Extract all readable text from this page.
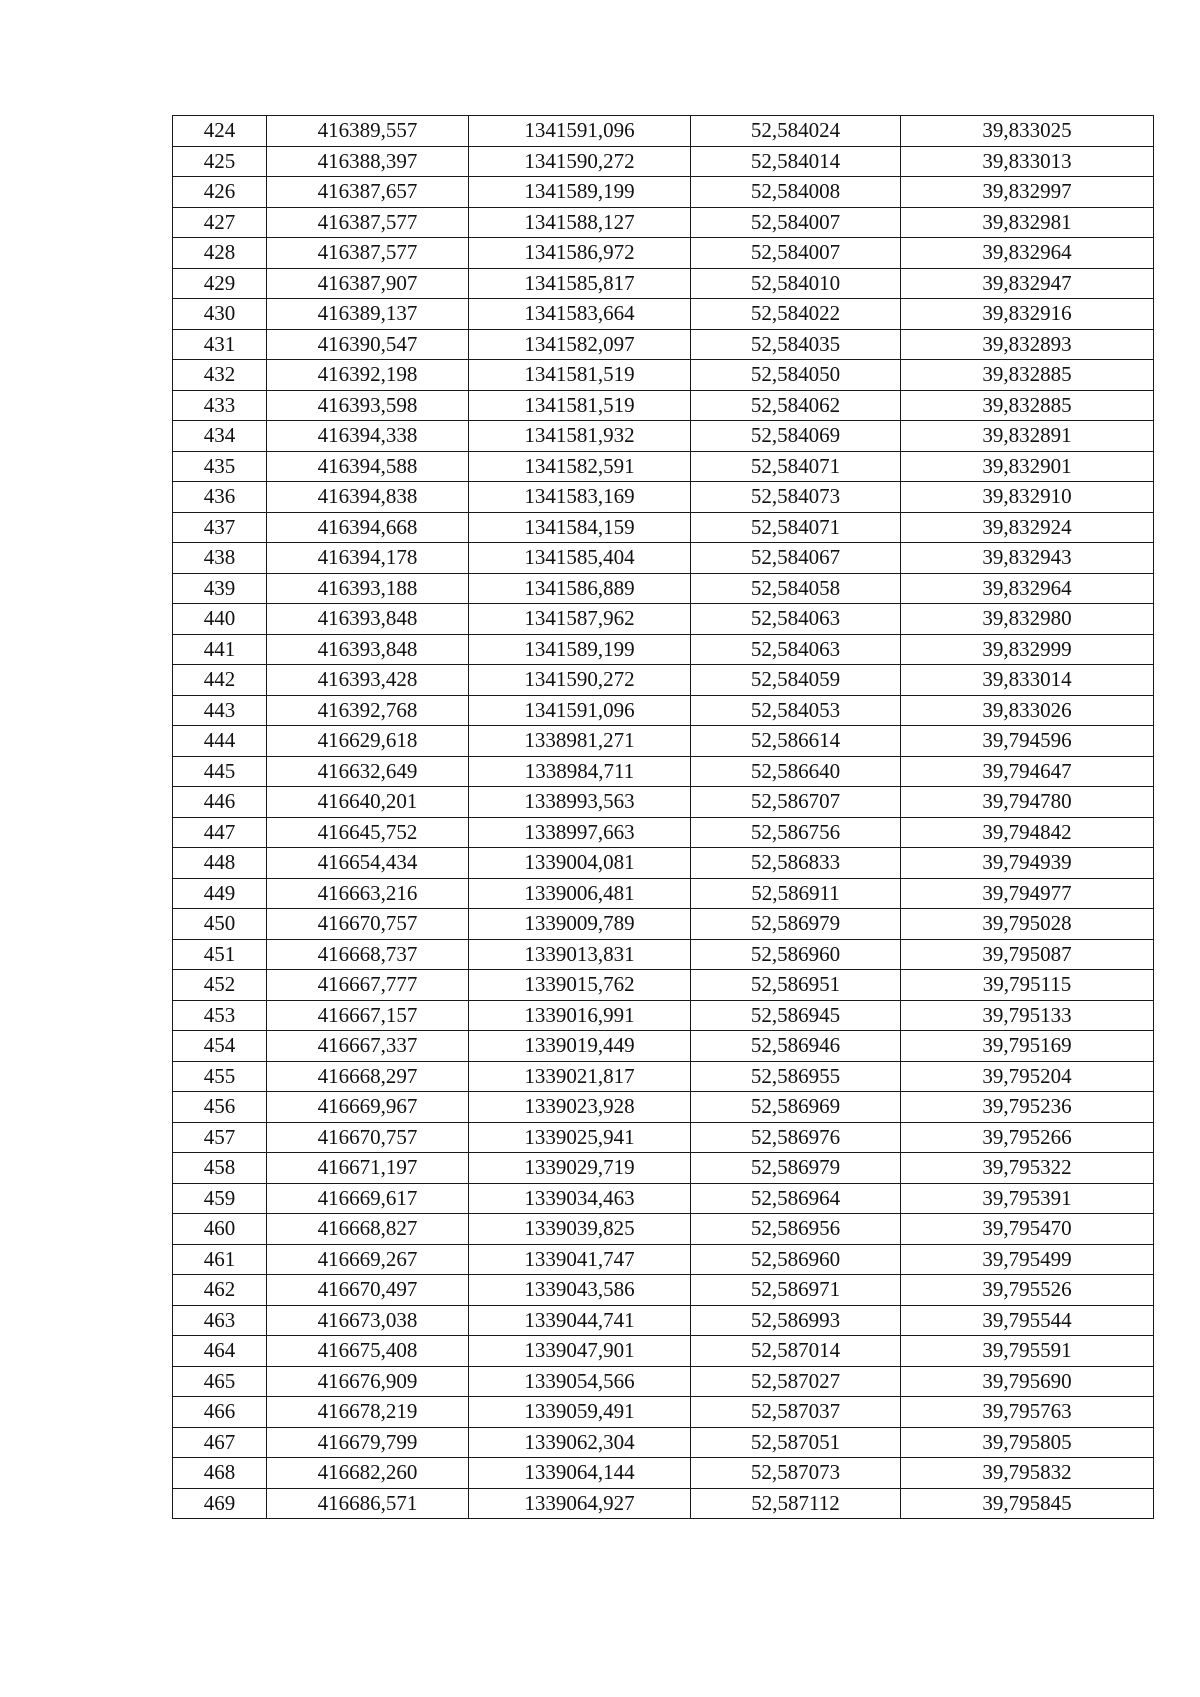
424	416389,557	1341591,096	52,584024	39,833025
425	416388,397	1341590,272	52,584014	39,833013
426	416387,657	1341589,199	52,584008	39,832997
427	416387,577	1341588,127	52,584007	39,832981
428	416387,577	1341586,972	52,584007	39,832964
429	416387,907	1341585,817	52,584010	39,832947
430	416389,137	1341583,664	52,584022	39,832916
431	416390,547	1341582,097	52,584035	39,832893
432	416392,198	1341581,519	52,584050	39,832885
433	416393,598	1341581,519	52,584062	39,832885
434	416394,338	1341581,932	52,584069	39,832891
435	416394,588	1341582,591	52,584071	39,832901
436	416394,838	1341583,169	52,584073	39,832910
437	416394,668	1341584,159	52,584071	39,832924
438	416394,178	1341585,404	52,584067	39,832943
439	416393,188	1341586,889	52,584058	39,832964
440	416393,848	1341587,962	52,584063	39,832980
441	416393,848	1341589,199	52,584063	39,832999
442	416393,428	1341590,272	52,584059	39,833014
443	416392,768	1341591,096	52,584053	39,833026
444	416629,618	1338981,271	52,586614	39,794596
445	416632,649	1338984,711	52,586640	39,794647
446	416640,201	1338993,563	52,586707	39,794780
447	416645,752	1338997,663	52,586756	39,794842
448	416654,434	1339004,081	52,586833	39,794939
449	416663,216	1339006,481	52,586911	39,794977
450	416670,757	1339009,789	52,586979	39,795028
451	416668,737	1339013,831	52,586960	39,795087
452	416667,777	1339015,762	52,586951	39,795115
453	416667,157	1339016,991	52,586945	39,795133
454	416667,337	1339019,449	52,586946	39,795169
455	416668,297	1339021,817	52,586955	39,795204
456	416669,967	1339023,928	52,586969	39,795236
457	416670,757	1339025,941	52,586976	39,795266
458	416671,197	1339029,719	52,586979	39,795322
459	416669,617	1339034,463	52,586964	39,795391
460	416668,827	1339039,825	52,586956	39,795470
461	416669,267	1339041,747	52,586960	39,795499
462	416670,497	1339043,586	52,586971	39,795526
463	416673,038	1339044,741	52,586993	39,795544
464	416675,408	1339047,901	52,587014	39,795591
465	416676,909	1339054,566	52,587027	39,795690
466	416678,219	1339059,491	52,587037	39,795763
467	416679,799	1339062,304	52,587051	39,795805
468	416682,260	1339064,144	52,587073	39,795832
469	416686,571	1339064,927	52,587112	39,795845
